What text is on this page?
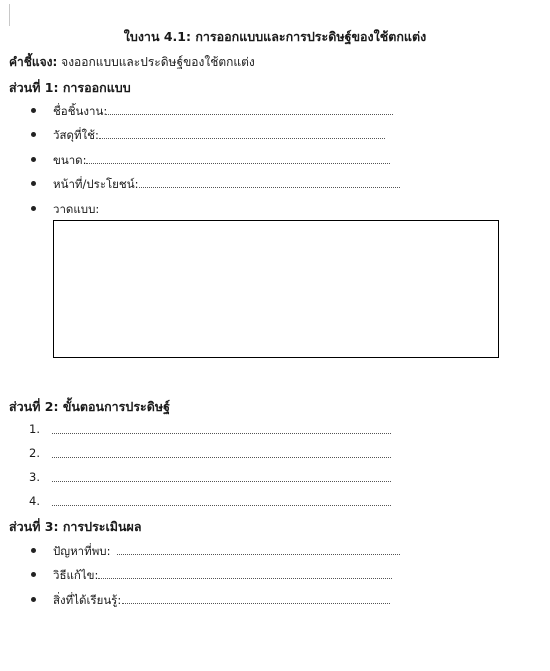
ใบงาน 4.1: การออกแบบและการประดิษฐ์ของใช้ตกแต่ง
คำชี้แจง: จงออกแบบและประดิษฐ์ของใช้ตกแต่ง
ส่วนที่ 1: การออกแบบ
ชื่อชิ้นงาน:
วัสดุที่ใช้:
ขนาด:
หน้าที่/ประโยชน์:
วาดแบบ:
ส่วนที่ 2: ขั้นตอนการประดิษฐ์
1.
2.
3.
4.
ส่วนที่ 3: การประเมินผล
ปัญหาที่พบ:
วิธีแก้ไข:
สิ่งที่ได้เรียนรู้:
